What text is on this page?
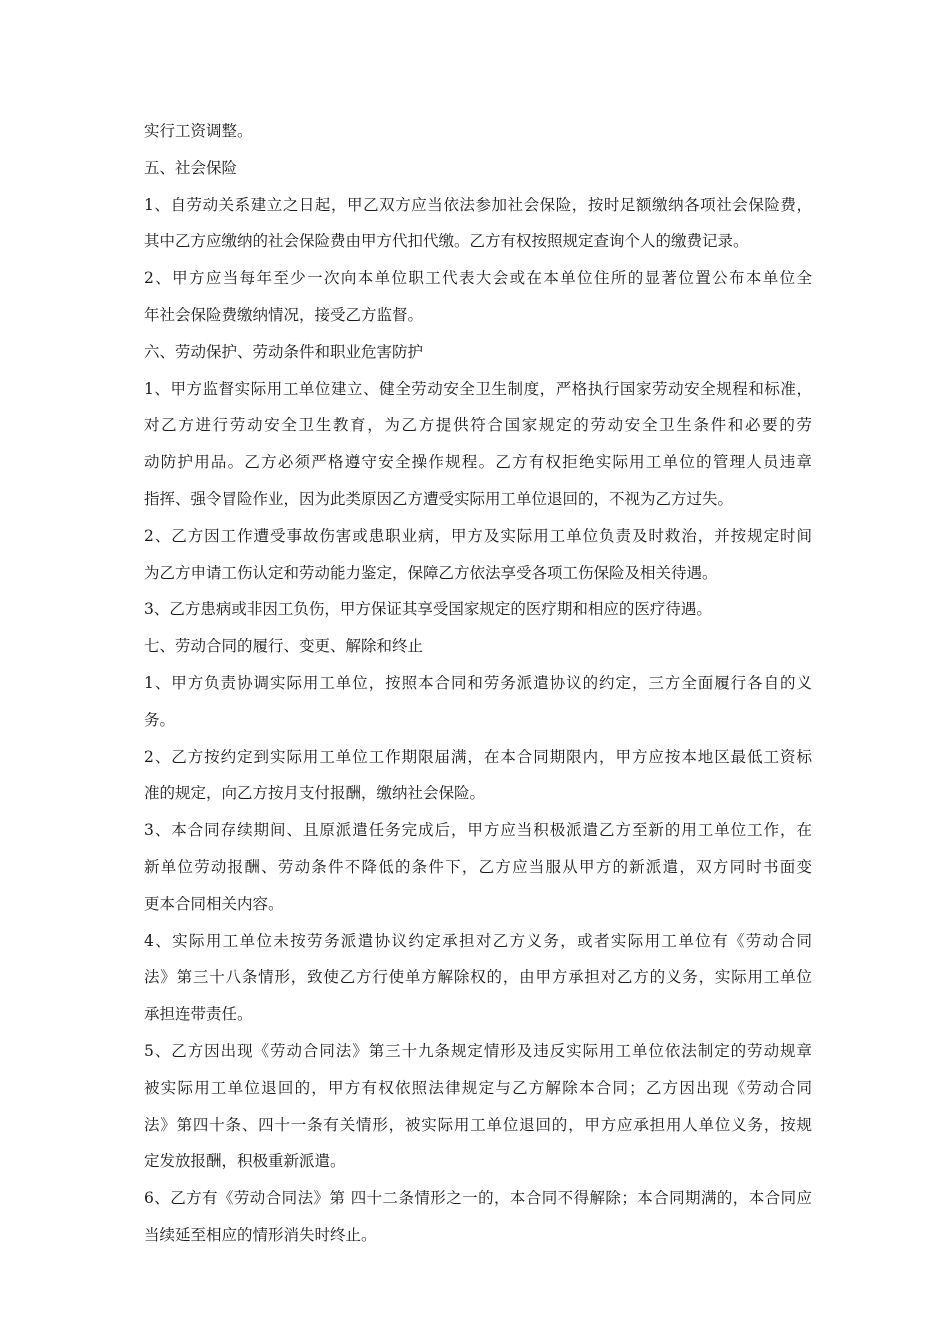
实行工资调整。
五、社会保险
1、自劳动关系建立之日起，甲乙双方应当依法参加社会保险，按时足额缴纳各项社会保险费，
其中乙方应缴纳的社会保险费由甲方代扣代缴。乙方有权按照规定查询个人的缴费记录。
2、甲方应当每年至少一次向本单位职工代表大会或在本单位住所的显著位置公布本单位全
年社会保险费缴纳情况，接受乙方监督。
六、劳动保护、劳动条件和职业危害防护
1、甲方监督实际用工单位建立、健全劳动安全卫生制度，严格执行国家劳动安全规程和标准，
对乙方进行劳动安全卫生教育，为乙方提供符合国家规定的劳动安全卫生条件和必要的劳
动防护用品。乙方必须严格遵守安全操作规程。乙方有权拒绝实际用工单位的管理人员违章
指挥、强令冒险作业，因为此类原因乙方遭受实际用工单位退回的，不视为乙方过失。
2、乙方因工作遭受事故伤害或患职业病，甲方及实际用工单位负责及时救治，并按规定时间
为乙方申请工伤认定和劳动能力鉴定，保障乙方依法享受各项工伤保险及相关待遇。
3、乙方患病或非因工负伤，甲方保证其享受国家规定的医疗期和相应的医疗待遇。
七、劳动合同的履行、变更、解除和终止
1、甲方负责协调实际用工单位，按照本合同和劳务派遣协议的约定，三方全面履行各自的义
务。
2、乙方按约定到实际用工单位工作期限届满，在本合同期限内，甲方应按本地区最低工资标
准的规定，向乙方按月支付报酬，缴纳社会保险。
3、本合同存续期间、且原派遣任务完成后，甲方应当积极派遣乙方至新的用工单位工作，在
新单位劳动报酬、劳动条件不降低的条件下，乙方应当服从甲方的新派遣，双方同时书面变
更本合同相关内容。
4、实际用工单位未按劳务派遣协议约定承担对乙方义务，或者实际用工单位有《劳动合同
法》第三十八条情形，致使乙方行使单方解除权的，由甲方承担对乙方的义务，实际用工单位
承担连带责任。
5、乙方因出现《劳动合同法》第三十九条规定情形及违反实际用工单位依法制定的劳动规章
被实际用工单位退回的，甲方有权依照法律规定与乙方解除本合同；乙方因出现《劳动合同
法》第四十条、四十一条有关情形，被实际用工单位退回的，甲方应承担用人单位义务，按规
定发放报酬，积极重新派遣。
6、乙方有《劳动合同法》第 四十二条情形之一的，本合同不得解除；本合同期满的，本合同应
当续延至相应的情形消失时终止。
